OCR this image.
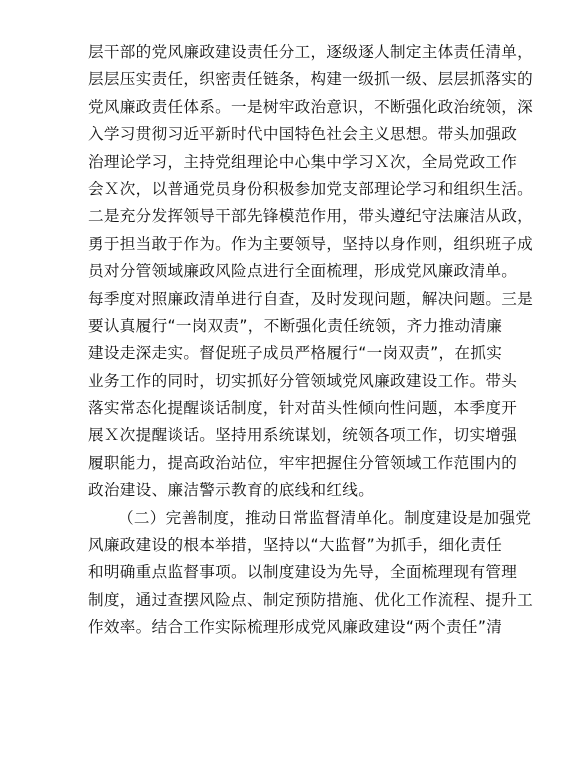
层干部的党风廉政建设责任分工，逐级逐人制定主体责任清单，
层层压实责任，织密责任链条，构建一级抓一级、层层抓落实的
党风廉政责任体系。一是树牢政治意识，不断强化政治统领，深
入学习贯彻习近平新时代中国特色社会主义思想。带头加强政
治理论学习，主持党组理论中心集中学习Ｘ次，全局党政工作
会Ｘ次，以普通党员身份积极参加党支部理论学习和组织生活。
二是充分发挥领导干部先锋模范作用，带头遵纪守法廉洁从政，
勇于担当敢于作为。作为主要领导，坚持以身作则，组织班子成
员对分管领域廉政风险点进行全面梳理，形成党风廉政清单。
每季度对照廉政清单进行自查，及时发现问题，解决问题。三是
要认真履行“一岗双责”，不断强化责任统领，齐力推动清廉
建设走深走实。督促班子成员严格履行“一岗双责”，在抓实
业务工作的同时，切实抓好分管领域党风廉政建设工作。带头
落实常态化提醒谈话制度，针对苗头性倾向性问题，本季度开
展Ｘ次提醒谈话。坚持用系统谋划，统领各项工作，切实增强
履职能力，提高政治站位，牢牢把握住分管领域工作范围内的
政治建设、廉洁警示教育的底线和红线。
（二）完善制度，推动日常监督清单化。制度建设是加强党
风廉政建设的根本举措，坚持以“大监督”为抓手，细化责任
和明确重点监督事项。以制度建设为先导，全面梳理现有管理
制度，通过查摆风险点、制定预防措施、优化工作流程、提升工
作效率。结合工作实际梳理形成党风廉政建设“两个责任”清
